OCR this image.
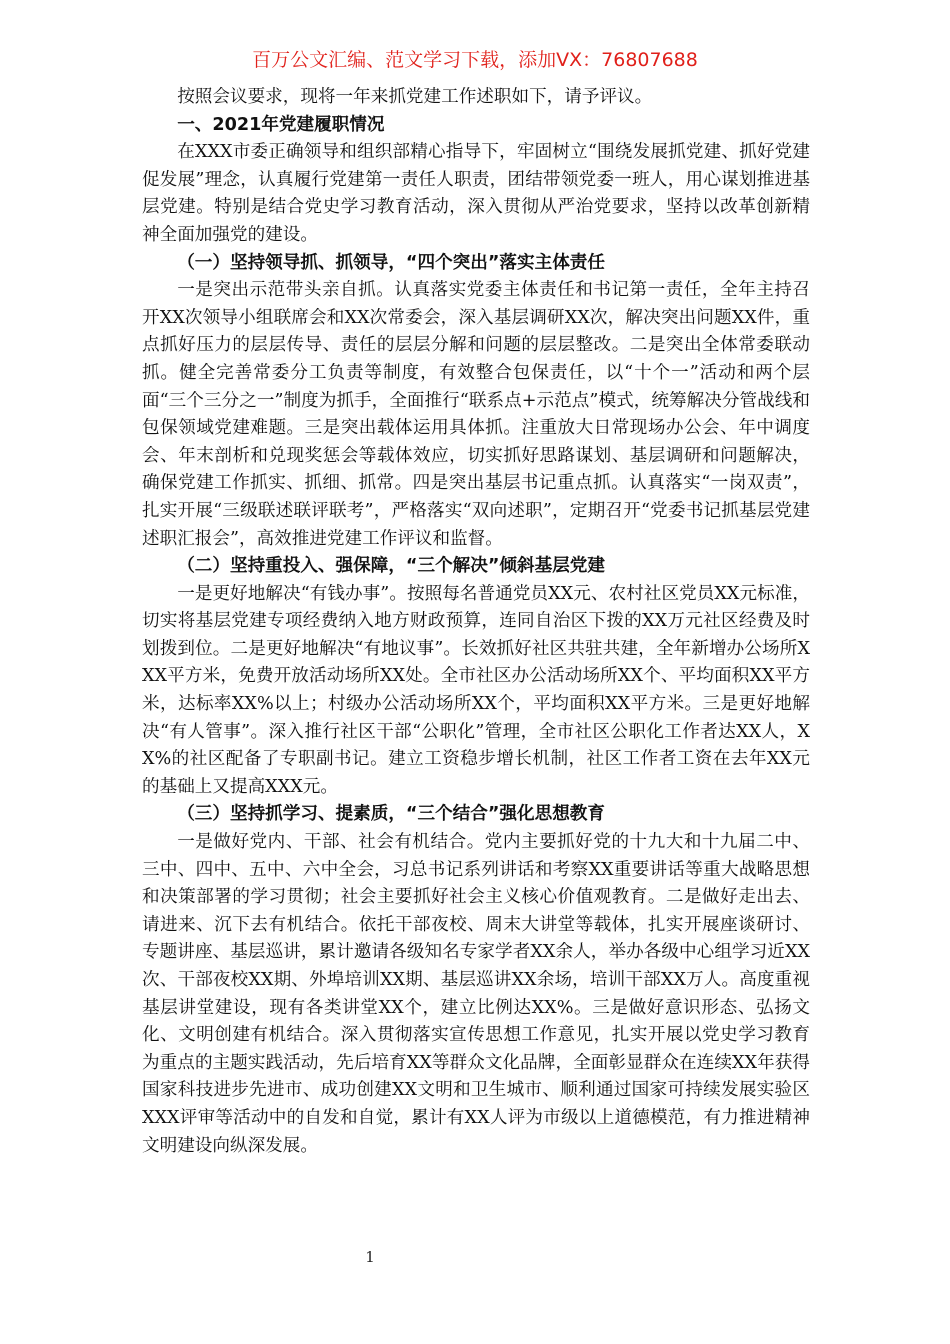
百万公文汇编、范文学习下载，添加VX：76807688

按照会议要求，现将一年来抓党建工作述职如下，请予评议。

一、2021年党建履职情况

在XXX市委正确领导和组织部精心指导下，牢固树立“围绕发展抓党建、抓好党建促发展”理念，认真履行党建第一责任人职责，团结带领党委一班人，用心谋划推进基层党建。特别是结合党史学习教育活动，深入贯彻从严治党要求，坚持以改革创新精神全面加强党的建设。

（一）坚持领导抓、抓领导，“四个突出”落实主体责任

一是突出示范带头亲自抓。认真落实党委主体责任和书记第一责任，全年主持召开XX次领导小组联席会和XX次常委会，深入基层调研XX次，解决突出问题XX件，重点抓好压力的层层传导、责任的层层分解和问题的层层整改。二是突出全体常委联动抓。健全完善常委分工负责等制度，有效整合包保责任，以“十个一”活动和两个层面“三个三分之一”制度为抓手，全面推行“联系点+示范点”模式，统筹解决分管战线和包保领域党建难题。三是突出载体运用具体抓。注重放大日常现场办公会、年中调度会、年末剖析和兑现奖惩会等载体效应，切实抓好思路谋划、基层调研和问题解决，确保党建工作抓实、抓细、抓常。四是突出基层书记重点抓。认真落实“一岗双责”，扎实开展“三级联述联评联考”，严格落实“双向述职”，定期召开“党委书记抓基层党建述职汇报会”，高效推进党建工作评议和监督。

（二）坚持重投入、强保障，“三个解决”倾斜基层党建

一是更好地解决“有钱办事”。按照每名普通党员XX元、农村社区党员XX元标准，切实将基层党建专项经费纳入地方财政预算，连同自治区下拨的XX万元社区经费及时划拨到位。二是更好地解决“有地议事”。长效抓好社区共驻共建，全年新增办公场所XXX平方米，免费开放活动场所XX处。全市社区办公活动场所XX个、平均面积XX平方米，达标率XX%以上；村级办公活动场所XX个，平均面积XX平方米。三是更好地解决“有人管事”。深入推行社区干部“公职化”管理，全市社区公职化工作者达XX人，XX%的社区配备了专职副书记。建立工资稳步增长机制，社区工作者工资在去年XX元的基础上又提高XXX元。

（三）坚持抓学习、提素质，“三个结合”强化思想教育

一是做好党内、干部、社会有机结合。党内主要抓好党的十九大和十九届二中、三中、四中、五中、六中全会，习总书记系列讲话和考察XX重要讲话等重大战略思想和决策部署的学习贯彻；社会主要抓好社会主义核心价值观教育。二是做好走出去、请进来、沉下去有机结合。依托干部夜校、周末大讲堂等载体，扎实开展座谈研讨、专题讲座、基层巡讲，累计邀请各级知名专家学者XX余人，举办各级中心组学习近XX次、干部夜校XX期、外埠培训XX期、基层巡讲XX余场，培训干部XX万人。高度重视基层讲堂建设，现有各类讲堂XX个，建立比例达XX%。三是做好意识形态、弘扬文化、文明创建有机结合。深入贯彻落实宣传思想工作意见，扎实开展以党史学习教育为重点的主题实践活动，先后培育XX等群众文化品牌，全面彰显群众在连续XX年获得国家科技进步先进市、成功创建XX文明和卫生城市、顺利通过国家可持续发展实验区XXX评审等活动中的自发和自觉，累计有XX人评为市级以上道德模范，有力推进精神文明建设向纵深发展。

1
